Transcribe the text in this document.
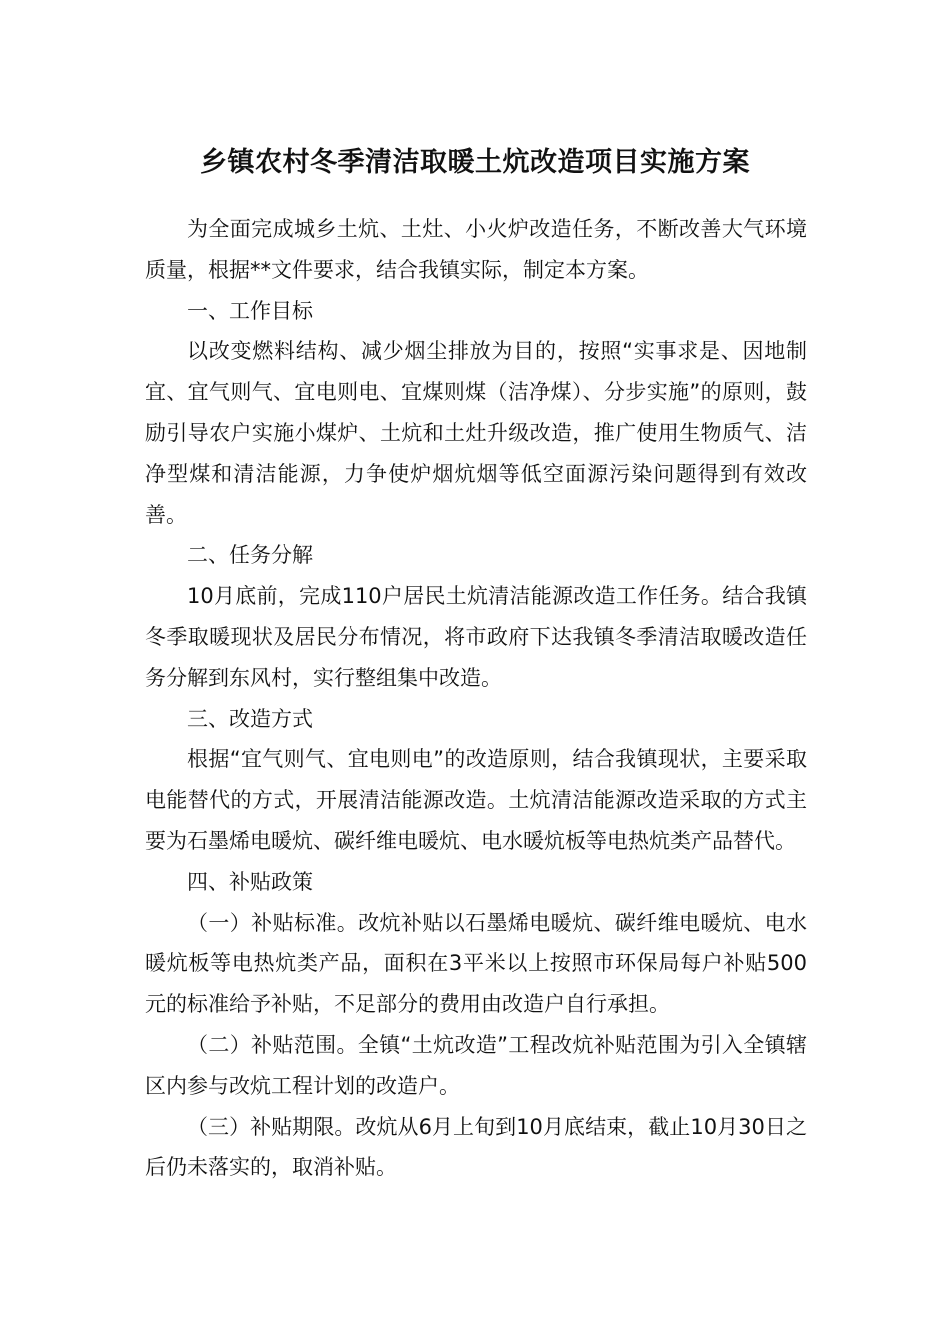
乡镇农村冬季清洁取暖土炕改造项目实施方案

为全面完成城乡土炕、土灶、小火炉改造任务，不断改善大气环境质量，根据**文件要求，结合我镇实际，制定本方案。

一、工作目标

以改变燃料结构、减少烟尘排放为目的，按照“实事求是、因地制宜、宜气则气、宜电则电、宜煤则煤（洁净煤）、分步实施”的原则，鼓励引导农户实施小煤炉、土炕和土灶升级改造，推广使用生物质气、洁净型煤和清洁能源，力争使炉烟炕烟等低空面源污染问题得到有效改善。

二、任务分解

10月底前，完成110户居民土炕清洁能源改造工作任务。结合我镇冬季取暖现状及居民分布情况，将市政府下达我镇冬季清洁取暖改造任务分解到东风村，实行整组集中改造。

三、改造方式

根据“宜气则气、宜电则电”的改造原则，结合我镇现状，主要采取电能替代的方式，开展清洁能源改造。土炕清洁能源改造采取的方式主要为石墨烯电暖炕、碳纤维电暖炕、电水暖炕板等电热炕类产品替代。

四、补贴政策

（一）补贴标准。改炕补贴以石墨烯电暖炕、碳纤维电暖炕、电水暖炕板等电热炕类产品，面积在3平米以上按照市环保局每户补贴500元的标准给予补贴，不足部分的费用由改造户自行承担。

（二）补贴范围。全镇“土炕改造”工程改炕补贴范围为引入全镇辖区内参与改炕工程计划的改造户。

（三）补贴期限。改炕从6月上旬到10月底结束，截止10月30日之后仍未落实的，取消补贴。
